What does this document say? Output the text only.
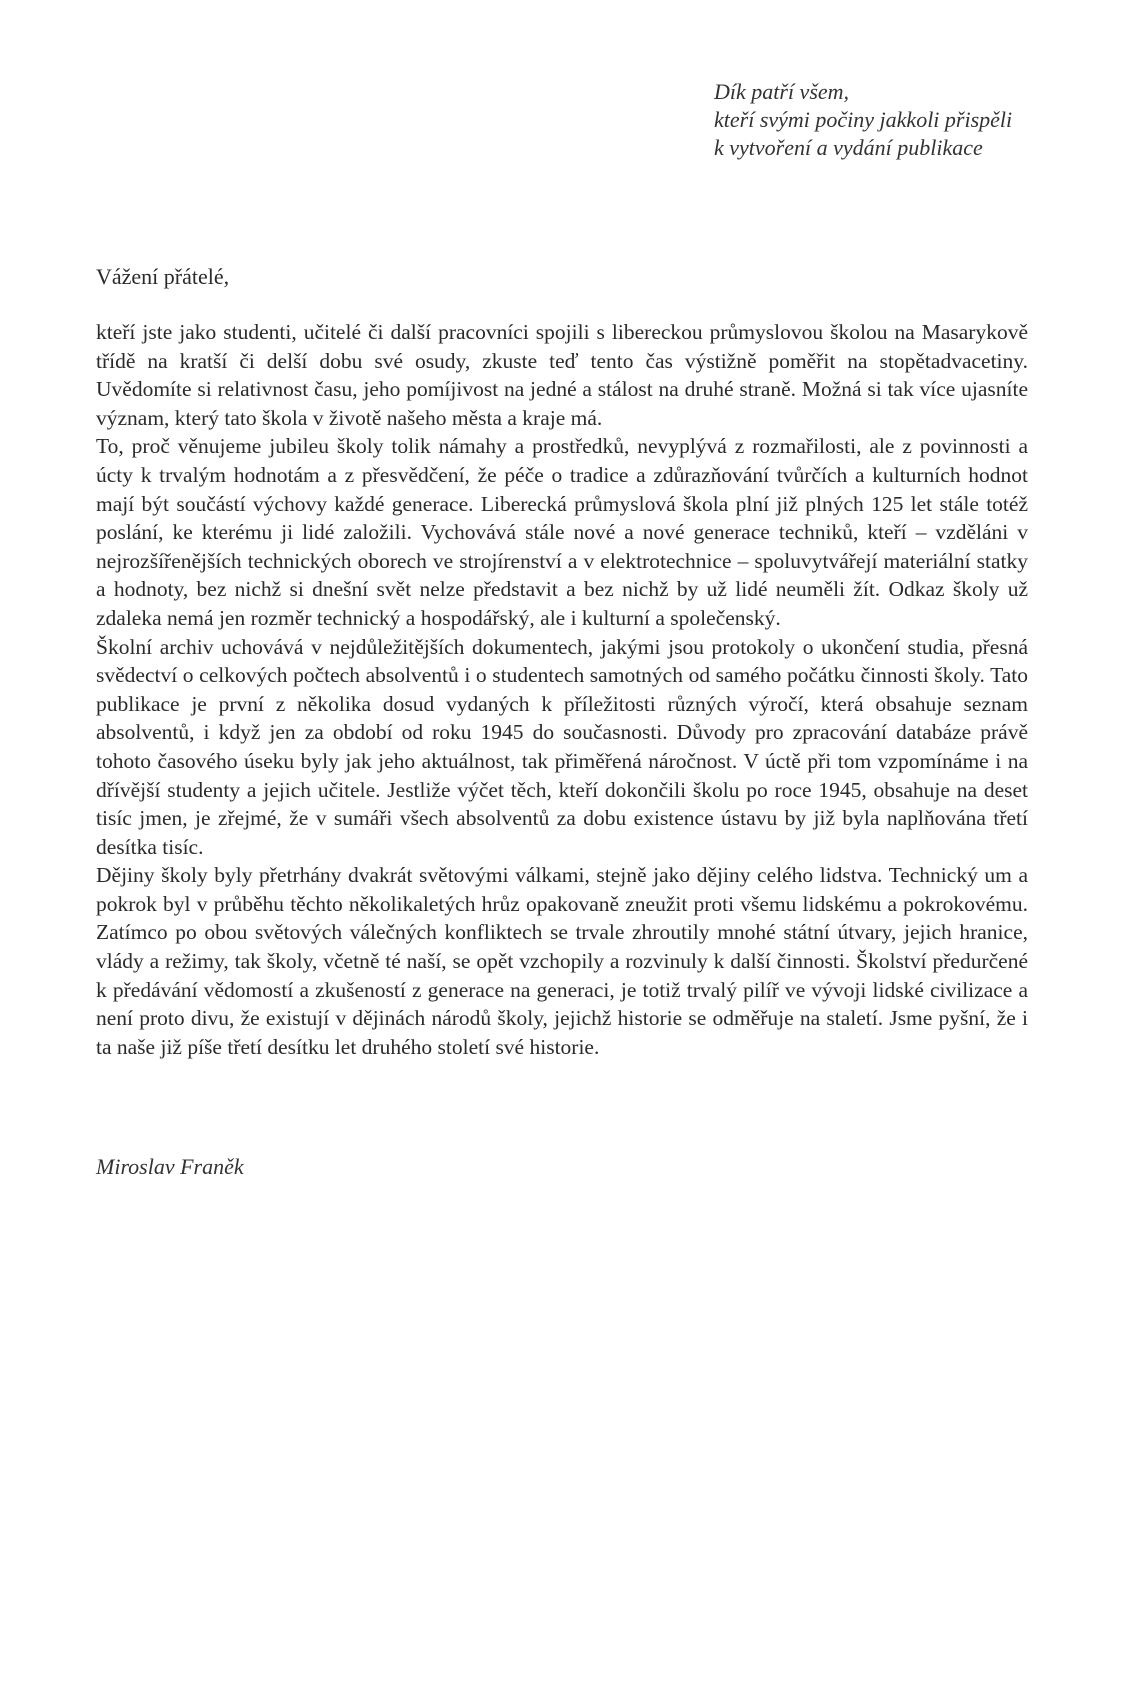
Dík patří všem,
kteří svými počiny jakkoli přispěli
k vytvoření a vydání publikace
Vážení přátelé,

kteří jste jako studenti, učitelé či další pracovníci spojili s libereckou průmyslovou školou na Masarykově třídě na kratší či delší dobu své osudy, zkuste teď tento čas výstižně poměřit na stopětadvacetiny. Uvědomíte si relativnost času, jeho pomíjivost na jedné a stálost na druhé straně. Možná si tak více ujasníte význam, který tato škola v životě našeho města a kraje má.

To, proč věnujeme jubileu školy tolik námahy a prostředků, nevyplývá z rozmařilosti, ale z povinnosti a úcty k trvalým hodnotám a z přesvědčení, že péče o tradice a zdůrazňování tvůrčích a kulturních hodnot mají být součástí výchovy každé generace. Liberecká průmyslová škola plní již plných 125 let stále totéž poslání, ke kterému ji lidé založili. Vychovává stále nové a nové generace techniků, kteří – vzděláni v nejrozšířenějších technických oborech ve strojírenství a v elektrotechnice – spoluvytvářejí materiální statky a hodnoty, bez nichž si dnešní svět nelze představit a bez nichž by už lidé neuměli žít. Odkaz školy už zdaleka nemá jen rozměr technický a hospodářský, ale i kulturní a společenský.

Školní archiv uchovává v nejdůležitějších dokumentech, jakými jsou protokoly o ukončení studia, přesná svědectví o celkových počtech absolventů i o studentech samotných od samého počátku činnosti školy. Tato publikace je první z několika dosud vydaných k příležitosti různých výročí, která obsahuje seznam absolventů, i když jen za období od roku 1945 do současnosti. Důvody pro zpracování databáze právě tohoto časového úseku byly jak jeho aktuálnost, tak přiměřená náročnost. V úctě při tom vzpomínáme i na dřívější studenty a jejich učitele. Jestliže výčet těch, kteří dokončili školu po roce 1945, obsahuje na deset tisíc jmen, je zřejmé, že v sumáři všech absolventů za dobu existence ústavu by již byla naplňována třetí desítka tisíc.

Dějiny školy byly přetrhány dvakrát světovými válkami, stejně jako dějiny celého lidstva. Technický um a pokrok byl v průběhu těchto několikaletých hrůz opakovaně zneužit proti všemu lidskému a pokrokovému. Zatímco po obou světových válečných konfliktech se trvale zhroutily mnohé státní útvary, jejich hranice, vlády a režimy, tak školy, včetně té naší, se opět vzchopily a rozvinuly k další činnosti. Školství předurčené k předávání vědomostí a zkušeností z generace na generaci, je totiž trvalý pilíř ve vývoji lidské civilizace a není proto divu, že existují v dějinách národů školy, jejichž historie se odměřuje na staletí. Jsme pyšní, že i ta naše již píše třetí desítku let druhého století své historie.

Miroslav Franěk
